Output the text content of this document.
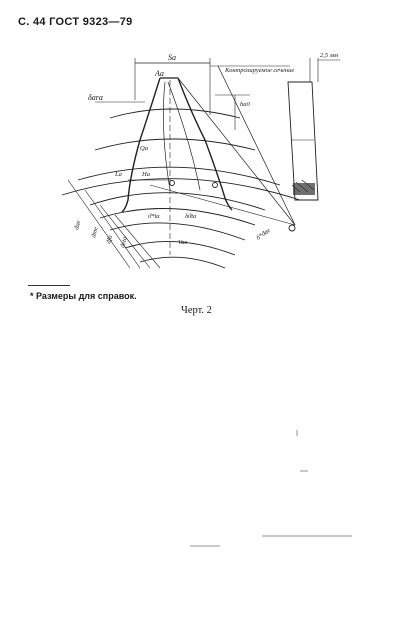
С. 44 ГОСТ 9323—79
Sa
Aa
ha0
δara
Qa
La	Ha
ϑ*ta	δϑta
Vae
δ*ϑae
dae
dme
dfa deta
Контролируемое сечение
2,5 мм
* Размеры для справок.
Черт. 2
